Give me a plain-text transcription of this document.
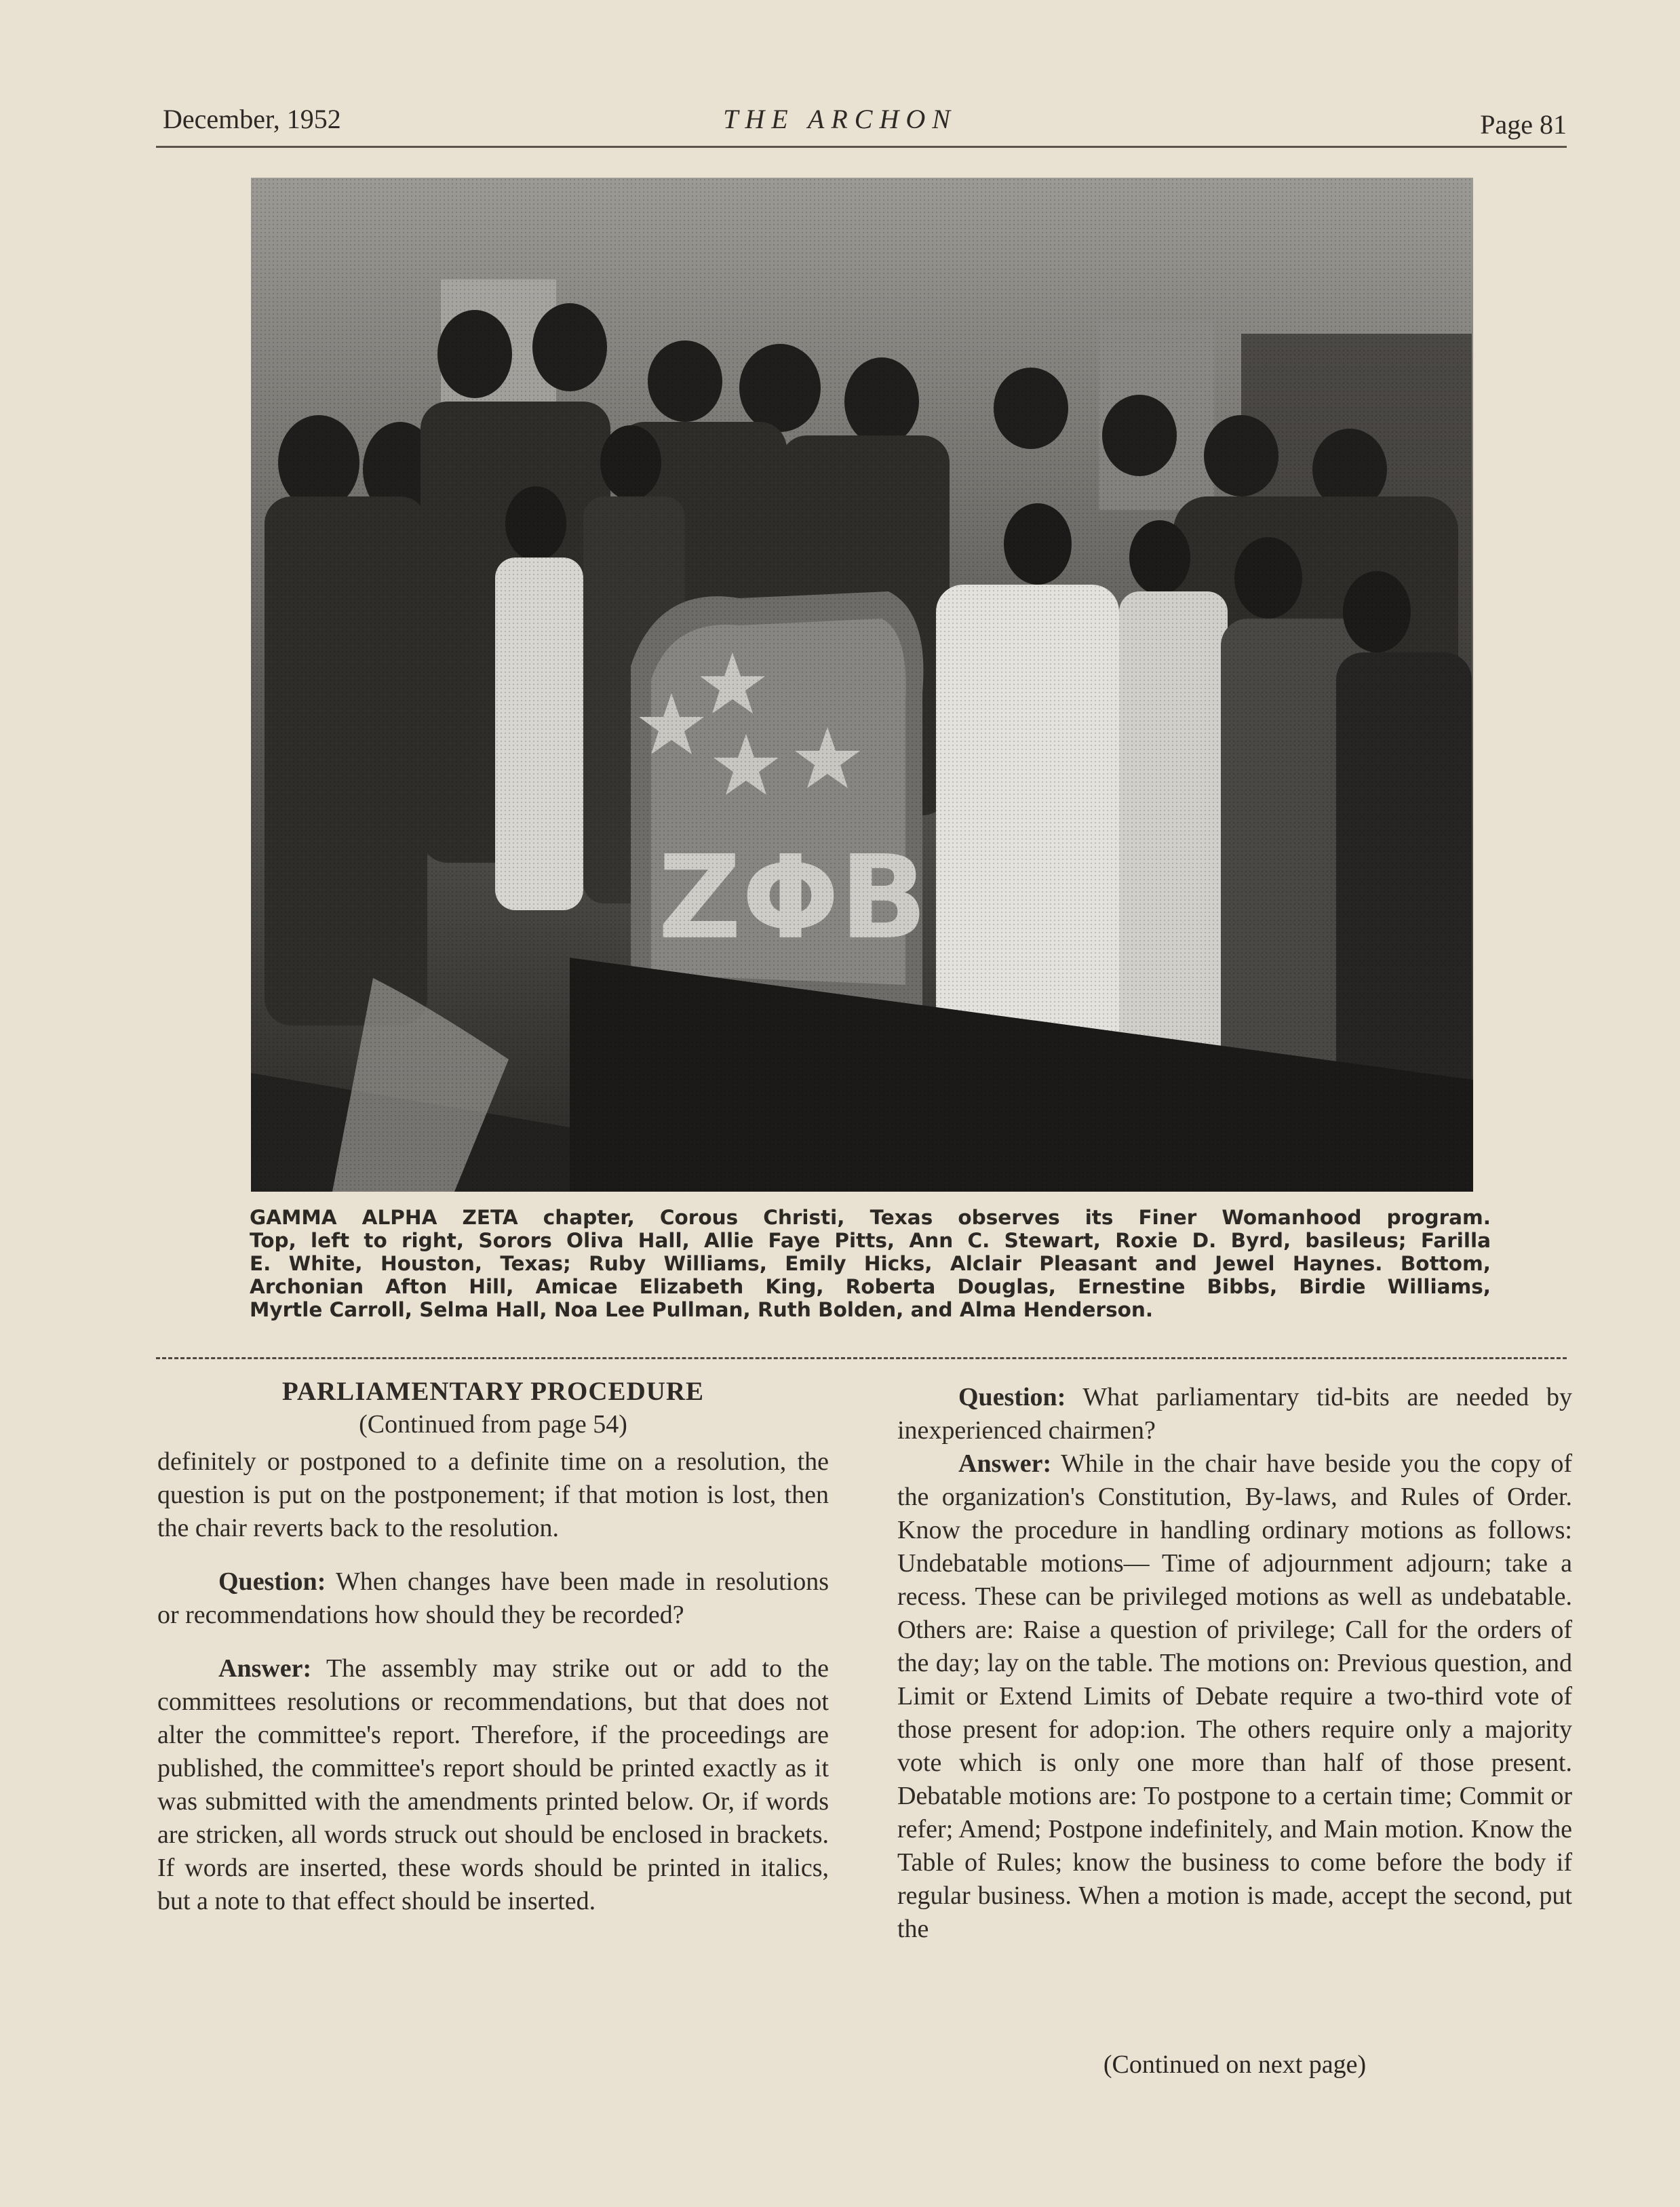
December, 1952	THE ARCHON	Page 81
GAMMA ALPHA ZETA chapter, Corous Christi, Texas observes its Finer Womanhood program.
Top, left to right, Sorors Oliva Hall, Allie Faye Pitts, Ann C. Stewart, Roxie D. Byrd, basileus; Farilla
E. White, Houston, Texas; Ruby Williams, Emily Hicks, Alclair Pleasant and Jewel Haynes. Bottom,
Archonian Afton Hill, Amicae Elizabeth King, Roberta Douglas, Ernestine Bibbs, Birdie Williams,
Myrtle Carroll, Selma Hall, Noa Lee Pullman, Ruth Bolden, and Alma Henderson.
PARLIAMENTARY PROCEDURE
(Continued from page 54)

definitely or postponed to a definite time on a resolution, the question is put on the postponement; if that motion is lost, then the chair reverts back to the resolution.

Question: When changes have been made in resolutions or recommendations how should they be recorded?

Answer: The assembly may strike out or add to the committees resolutions or recommendations, but that does not alter the committee's report. Therefore, if the proceedings are published, the committee's report should be printed exactly as it was submitted with the amendments printed below. Or, if words are stricken, all words struck out should be enclosed in brackets. If words are inserted, these words should be printed in italics, but a note to that effect should be inserted.

Question: What parliamentary tid-bits are needed by inexperienced chairmen?

Answer: While in the chair have beside you the copy of the organization's Constitution, By-laws, and Rules of Order. Know the procedure in handling ordinary motions as follows: Undebatable motions— Time of adjournment adjourn; take a recess. These can be privileged motions as well as undebatable. Others are: Raise a question of privilege; Call for the orders of the day; lay on the table. The motions on: Previous question, and Limit or Extend Limits of Debate require a two-third vote of those present for adop:ion. The others require only a majority vote which is only one more than half of those present. Debatable motions are: To postpone to a certain time; Commit or refer; Amend; Postpone indefinitely, and Main motion. Know the Table of Rules; know the business to come before the body if regular business. When a motion is made, accept the second, put the

(Continued on next page)
